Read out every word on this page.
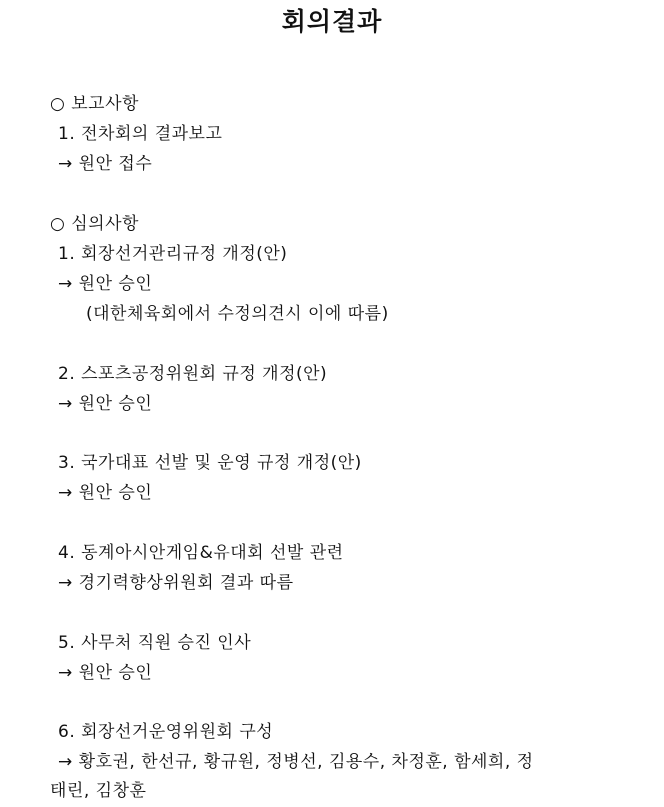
회의결과
○ 보고사항
1. 전차회의 결과보고
→ 원안 접수
○ 심의사항
1. 회장선거관리규정 개정(안)
→ 원안 승인
(대한체육회에서 수정의견시 이에 따름)
2. 스포츠공정위원회 규정 개정(안)
→ 원안 승인
3. 국가대표 선발 및 운영 규정 개정(안)
→ 원안 승인
4. 동계아시안게임&유대회 선발 관련
→ 경기력향상위원회 결과 따름
5. 사무처 직원 승진 인사
→ 원안 승인
6. 회장선거운영위원회 구성
→ 황호권, 한선규, 황규원, 정병선, 김용수, 차정훈, 함세희, 정
태린, 김창훈
